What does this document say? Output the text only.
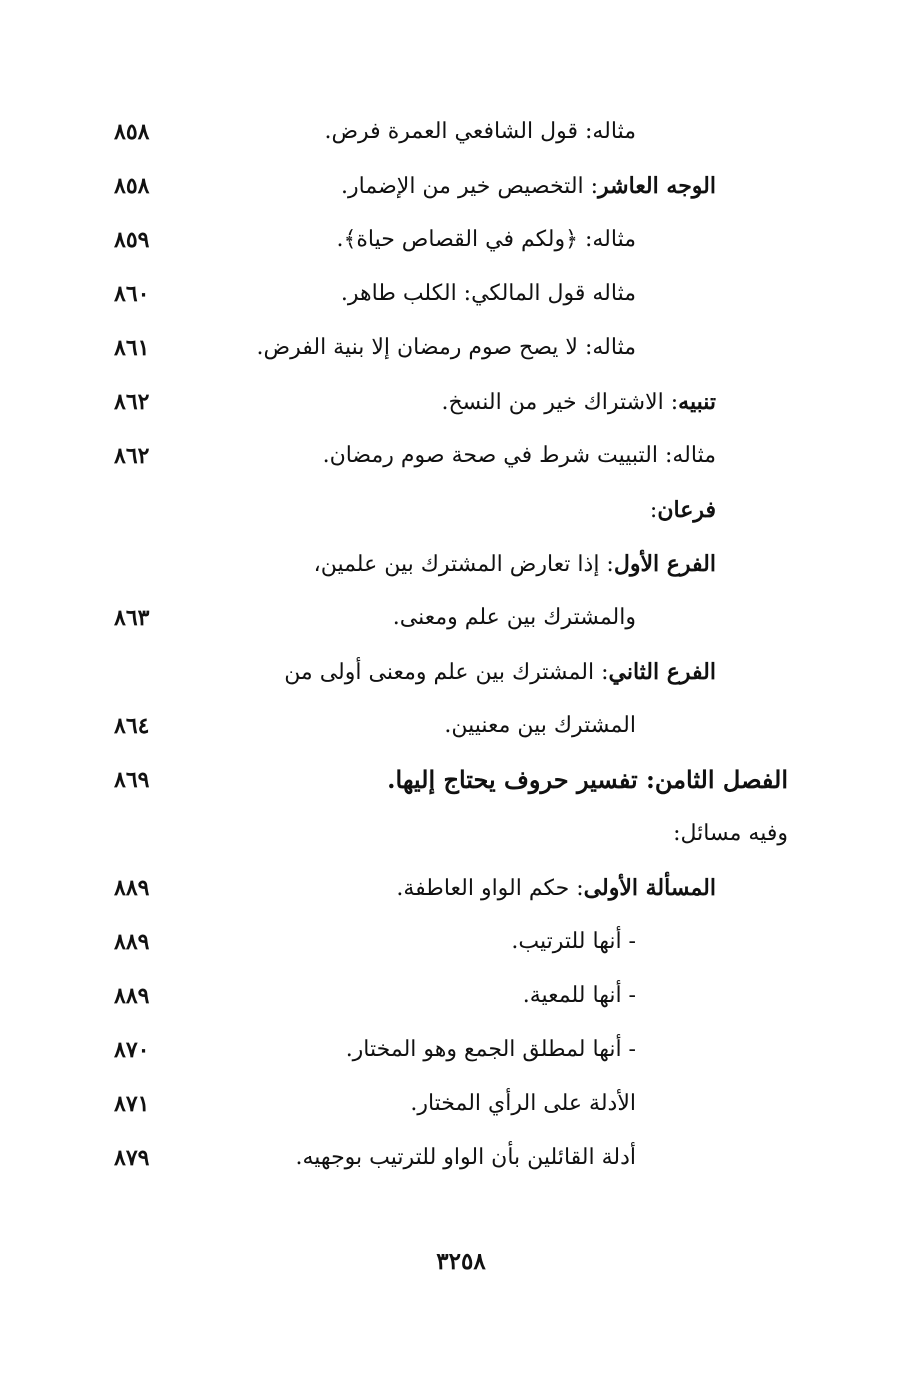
مثاله: قول الشافعي العمرة فرض.
٨٥٨
الوجه العاشر: التخصيص خير من الإضمار.
٨٥٨
مثاله: ﴿ولكم في القصاص حياة﴾.
٨٥٩
مثاله قول المالكي: الكلب طاهر.
٨٦٠
مثاله: لا يصح صوم رمضان إلا بنية الفرض.
٨٦١
تنبيه: الاشتراك خير من النسخ.
٨٦٢
مثاله: التبييت شرط في صحة صوم رمضان.
٨٦٢
فرعان:
الفرع الأول: إذا تعارض المشترك بين علمين،
والمشترك بين علم ومعنى.
٨٦٣
الفرع الثاني: المشترك بين علم ومعنى أولى من
المشترك بين معنيين.
٨٦٤
الفصل الثامن: تفسير حروف يحتاج إليها.
٨٦٩
وفيه مسائل:
المسألة الأولى: حكم الواو العاطفة.
٨٨٩
- أنها للترتيب.
٨٨٩
- أنها للمعية.
٨٨٩
- أنها لمطلق الجمع وهو المختار.
٨٧٠
الأدلة على الرأي المختار.
٨٧١
أدلة القائلين بأن الواو للترتيب بوجهيه.
٨٧٩
٣٢٥٨
